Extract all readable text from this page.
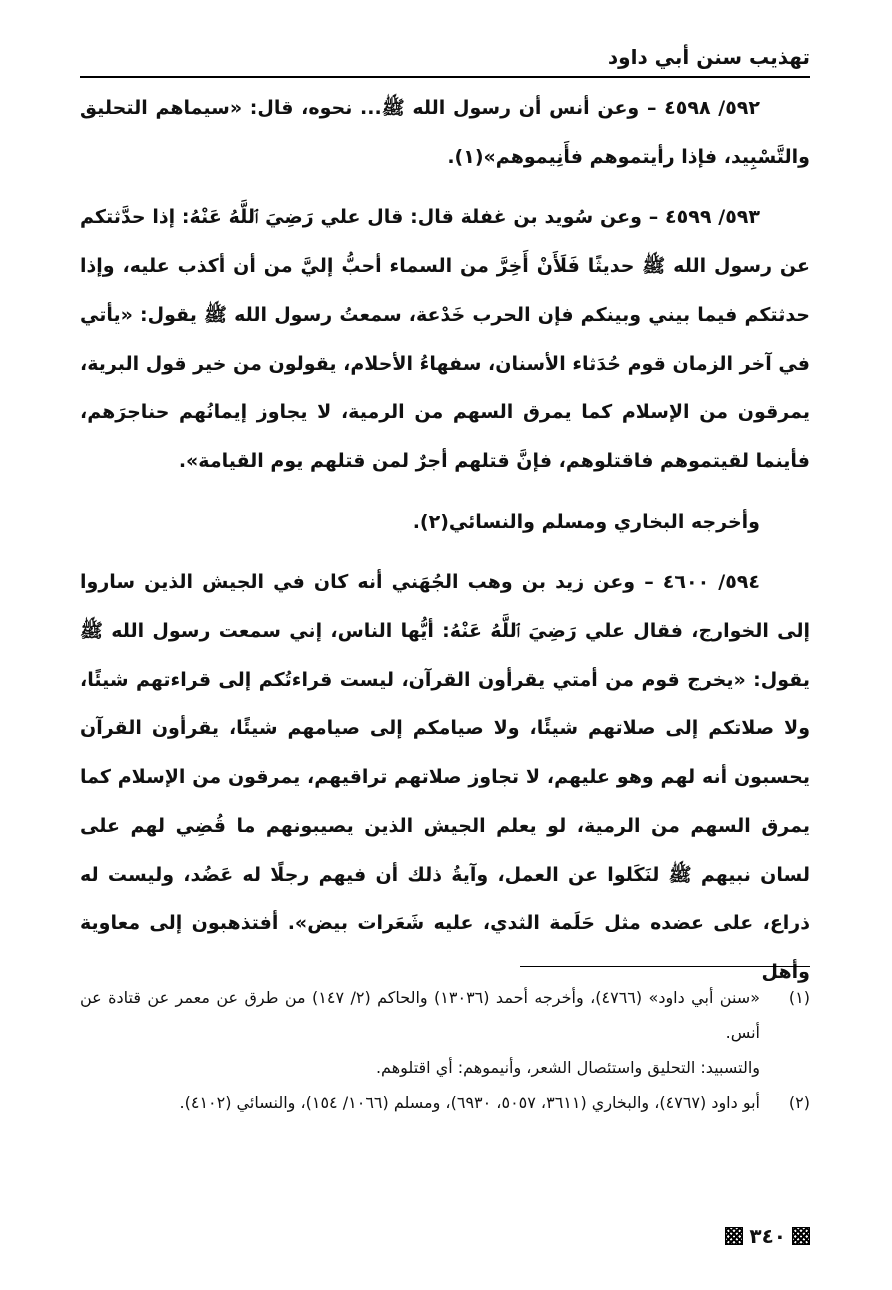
تهذيب سنن أبي داود

٥٩٢/ ٤٥٩٨ – وعن أنس أن رسول الله ﷺ... نحوه، قال: «سيماهم التحليق والتَّسْبِيد، فإذا رأيتموهم فأَنِيموهم»(١).

٥٩٣/ ٤٥٩٩ – وعن سُويد بن غفلة قال: قال علي رَضِيَ ٱللَّهُ عَنْهُ: إذا حدَّثتكم عن رسول الله ﷺ حديثًا فَلَأَنْ أَخِرَّ من السماء أحبُّ إليَّ من أن أكذب عليه، وإذا حدثتكم فيما بيني وبينكم فإن الحرب خَدْعة، سمعتُ رسول الله ﷺ يقول: «يأتي في آخر الزمان قوم حُدَثاء الأسنان، سفهاءُ الأحلام، يقولون من خير قول البرية، يمرقون من الإسلام كما يمرق السهم من الرمية، لا يجاوز إيمانُهم حناجرَهم، فأينما لقيتموهم فاقتلوهم، فإنَّ قتلهم أجرٌ لمن قتلهم يوم القيامة».

وأخرجه البخاري ومسلم والنسائي(٢).

٥٩٤/ ٤٦٠٠ – وعن زيد بن وهب الجُهَني أنه كان في الجيش الذين ساروا إلى الخوارج، فقال علي رَضِيَ ٱللَّهُ عَنْهُ: أيُّها الناس، إني سمعت رسول الله ﷺ يقول: «يخرج قوم من أمتي يقرأون القرآن، ليست قراءتُكم إلى قراءتهم شيئًا، ولا صلاتكم إلى صلاتهم شيئًا، ولا صيامكم إلى صيامهم شيئًا، يقرأون القرآن يحسبون أنه لهم وهو عليهم، لا تجاوز صلاتهم تراقيهم، يمرقون من الإسلام كما يمرق السهم من الرمية، لو يعلم الجيش الذين يصيبونهم ما قُضِي لهم على لسان نبيهم ﷺ لنَكَلوا عن العمل، وآيةُ ذلك أن فيهم رجلًا له عَضُد، وليست له ذراع، على عضده مثل حَلَمة الثدي، عليه شَعَرات بيض». أفتذهبون إلى معاوية وأهل

(١)
«سنن أبي داود» (٤٧٦٦)، وأخرجه أحمد (١٣٠٣٦) والحاكم (٢/ ١٤٧) من طرق عن معمر عن قتادة عن أنس.

والتسبيد: التحليق واستئصال الشعر، وأنيموهم: أي اقتلوهم.

(٢)
أبو داود (٤٧٦٧)، والبخاري (٣٦١١، ٥٠٥٧، ٦٩٣٠)، ومسلم (١٠٦٦/ ١٥٤)، والنسائي (٤١٠٢).

٣٤٠
